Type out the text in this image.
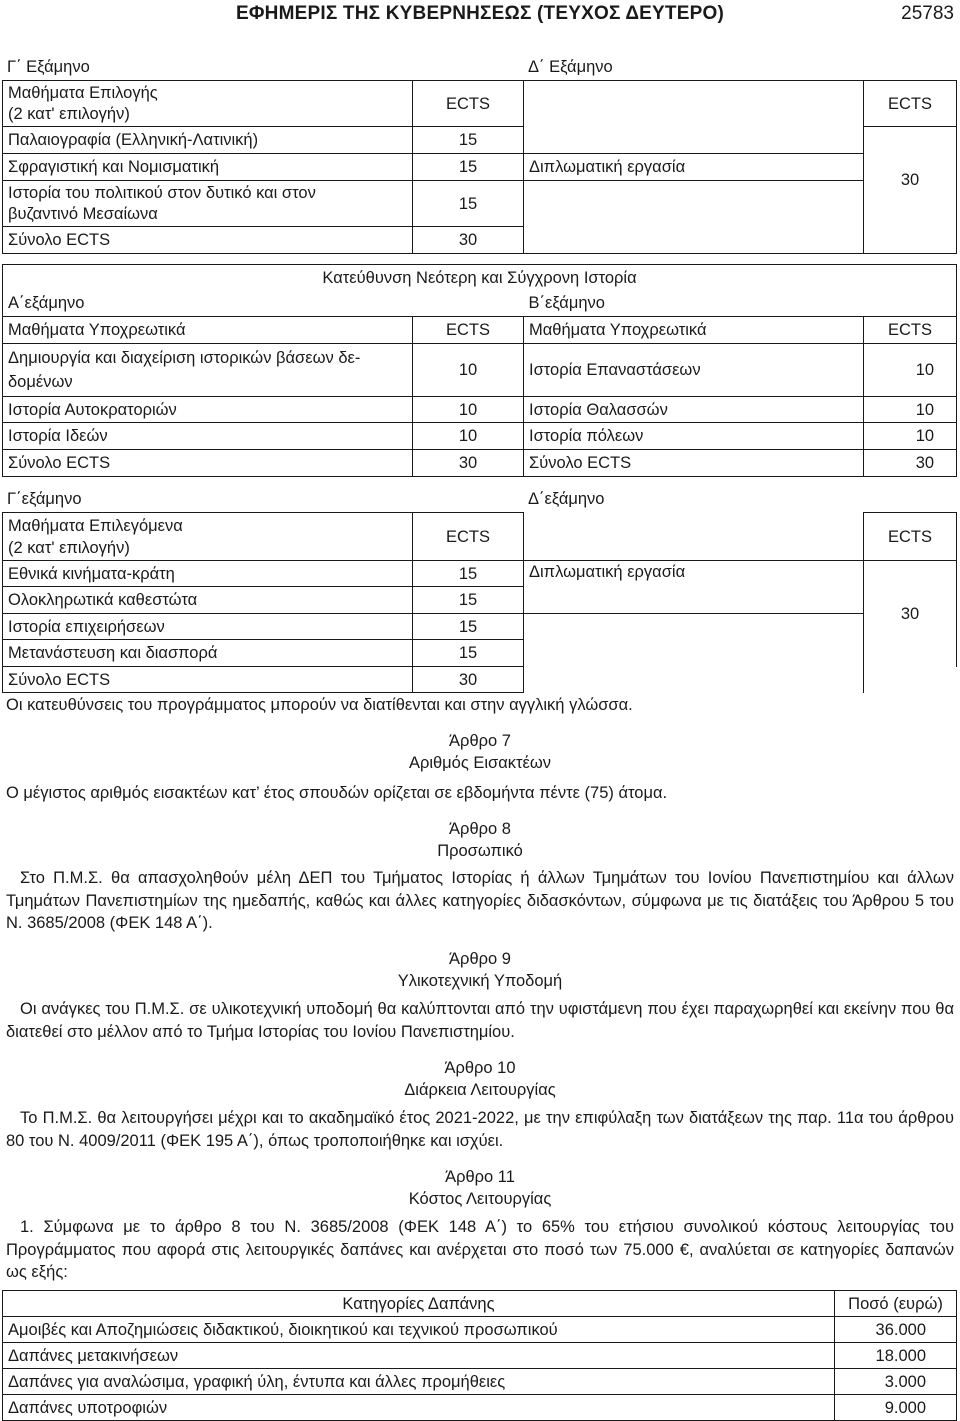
ΕΦΗΜΕΡΙΣ ΤΗΣ ΚΥΒΕΡΝΗΣΕΩΣ (ΤΕΥΧΟΣ ΔΕΥΤΕΡΟ)	25783
Γ΄ Εξάμηνο	Δ΄ Εξάμηνο
Μαθήματα Επιλογής
(2 κατ' επιλογήν)	ECTS		ECTS
Παλαιογραφία (Ελληνική-Λατινική)	15		30
Σφραγιστική και Νομισματική	15	Διπλωματική εργασία	

Ιστορία του πολιτικού στον δυτικό και στον
βυζαντινό Μεσαίωνα	15		
Σύνολο ECTS	30		
Κατεύθυνση Νεότερη και Σύγχρονη Ιστορία			
Α΄εξάμηνο		Β΄εξάμηνο	
Μαθήματα Υποχρεωτικά	ECTS	Μαθήματα Υποχρεωτικά	ECTS

Δημιουργία και διαχείριση ιστορικών βάσεων δε-
δομένων	10	Ιστορία Επαναστάσεων	10
Ιστορία Αυτοκρατοριών	10	Ιστορία Θαλασσών	10
Ιστορία Ιδεών	10	Ιστορία πόλεων	10
Σύνολο ECTS	30	Σύνολο ECTS	30
Γ΄εξάμηνο	Δ΄εξάμηνο
Μαθήματα Επιλεγόμενα
(2 κατ' επιλογήν)	ECTS		ECTS
Εθνικά κινήματα-κράτη	15	Διπλωματική εργασία	30
Ολοκληρωτικά καθεστώτα	15		
Ιστορία επιχειρήσεων	15		
Μετανάστευση και διασπορά	15		
Σύνολο ECTS	30		
Οι κατευθύνσεις του προγράμματος μπορούν να διατίθενται και στην αγγλική γλώσσα.
Άρθρο 7
Αριθμός Εισακτέων
Ο μέγιστος αριθμός εισακτέων κατ’ έτος σπουδών ορίζεται σε εβδομήντα πέντε (75) άτομα.
Άρθρο 8
Προσωπικό
Στο Π.Μ.Σ. θα απασχοληθούν μέλη ΔΕΠ του Τμήματος Ιστορίας ή άλλων Τμημάτων του Ιονίου Πανεπιστημίου και άλλων Τμημάτων Πανεπιστημίων της ημεδαπής, καθώς και άλλες κατηγορίες διδασκόντων, σύμφωνα με τις διατάξεις του Άρθρου 5 του Ν. 3685/2008 (ΦΕΚ 148 Α΄).
Άρθρο 9
Υλικοτεχνική Υποδομή
Οι ανάγκες του Π.Μ.Σ. σε υλικοτεχνική υποδομή θα καλύπτονται από την υφιστάμενη που έχει παραχωρηθεί και εκείνην που θα διατεθεί στο μέλλον από το Τμήμα Ιστορίας του Ιονίου Πανεπιστημίου.
Άρθρο 10
Διάρκεια Λειτουργίας
Το Π.Μ.Σ. θα λειτουργήσει μέχρι και το ακαδημαϊκό έτος 2021-2022, με την επιφύλαξη των διατάξεων της παρ. 11α του άρθρου 80 του Ν. 4009/2011 (ΦΕΚ 195 Α΄), όπως τροποποιήθηκε και ισχύει.
Άρθρο 11
Κόστος Λειτουργίας
1. Σύμφωνα με το άρθρο 8 του Ν. 3685/2008 (ΦΕΚ 148 Α΄) το 65% του ετήσιου συνολικού κόστους λειτουργίας του Προγράμματος που αφορά στις λειτουργικές δαπάνες και ανέρχεται στο ποσό των 75.000 €, αναλύεται σε κατηγορίες δαπανών ως εξής:
Κατηγορίες Δαπάνης	Ποσό (ευρώ)
Αμοιβές και Αποζημιώσεις διδακτικού, διοικητικού και τεχνικού προσωπικού	36.000
Δαπάνες μετακινήσεων	18.000
Δαπάνες για αναλώσιμα, γραφική ύλη, έντυπα και άλλες προμήθειες	3.000
Δαπάνες υποτροφιών	9.000
